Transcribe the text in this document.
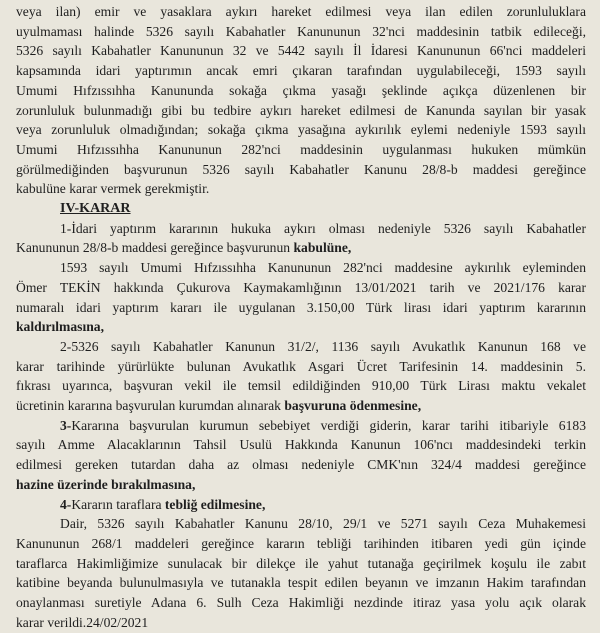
veya ilan) emir ve yasaklara aykırı hareket edilmesi veya ilan edilen zorunluluklara
uyulmaması halinde 5326 sayılı Kabahatler Kanununun 32'nci maddesinin tatbik edileceği,
5326 sayılı Kabahatler Kanununun 32 ve 5442 sayılı İl İdaresi Kanununun 66'nci maddeleri
kapsamında idari yaptırımın ancak emri çıkaran tarafından uygulabileceği, 1593 sayılı
Umumi Hıfzıssıhha Kanununda sokağa çıkma yasağı şeklinde açıkça düzenlenen bir
zorunluluk bulunmadığı gibi bu tedbire aykırı hareket edilmesi de Kanunda sayılan bir yasak
veya zorunluluk olmadığından; sokağa çıkma yasağına aykırılık eylemi nedeniyle 1593 sayılı
Umumi Hıfzıssıhha Kanununun 282'nci maddesinin uygulanması hukuken mümkün
görülmediğinden başvurunun 5326 sayılı Kabahatler Kanunu 28/8-b maddesi gereğince
kabulüne karar vermek gerekmiştir.
IV-KARAR
1-İdari yaptırım kararının hukuka aykırı olması nedeniyle 5326 sayılı Kabahatler
Kanununun 28/8-b maddesi gereğince başvurunun kabulüne,
1593 sayılı Umumi Hıfzıssıhha Kanununun 282'nci maddesine aykırılık eyleminden
Ömer TEKİN hakkında Çukurova Kaymakamlığının 13/01/2021 tarih ve 2021/176 karar
numaralı idari yaptırım kararı ile uygulanan 3.150,00 Türk lirası idari yaptırım kararının
kaldırılmasına,
2-5326 sayılı Kabahatler Kanunun 31/2/, 1136 sayılı Avukatlık Kanunun 168 ve
karar tarihinde yürürlükte bulunan Avukatlık Asgari Ücret Tarifesinin 14. maddesinin 5.
fıkrası uyarınca, başvuran vekil ile temsil edildiğinden 910,00 Türk Lirası maktu vekalet
ücretinin kararına başvurulan kurumdan alınarak başvuruna ödenmesine,
3-Kararına başvurulan kurumun sebebiyet verdiği giderin, karar tarihi itibariyle 6183
sayılı Amme Alacaklarının Tahsil Usulü Hakkında Kanunun 106'ncı maddesindeki terkin
edilmesi gereken tutardan daha az olması nedeniyle CMK'nın 324/4 maddesi gereğince
hazine üzerinde bırakılmasına,
4-Kararın taraflara tebliğ edilmesine,
Dair, 5326 sayılı Kabahatler Kanunu 28/10, 29/1 ve 5271 sayılı Ceza Muhakemesi
Kanununun 268/1 maddeleri gereğince kararın tebliği tarihinden itibaren yedi gün içinde
taraflarca Hakimliğimize sunulacak bir dilekçe ile yahut tutanağa geçirilmek koşulu ile zabıt
katibine beyanda bulunulmasıyla ve tutanakla tespit edilen beyanın ve imzanın Hakim tarafından
onaylanması suretiyle Adana 6. Sulh Ceza Hakimliği nezdinde itiraz yasa yolu açık olarak
karar verildi.24/02/2021
